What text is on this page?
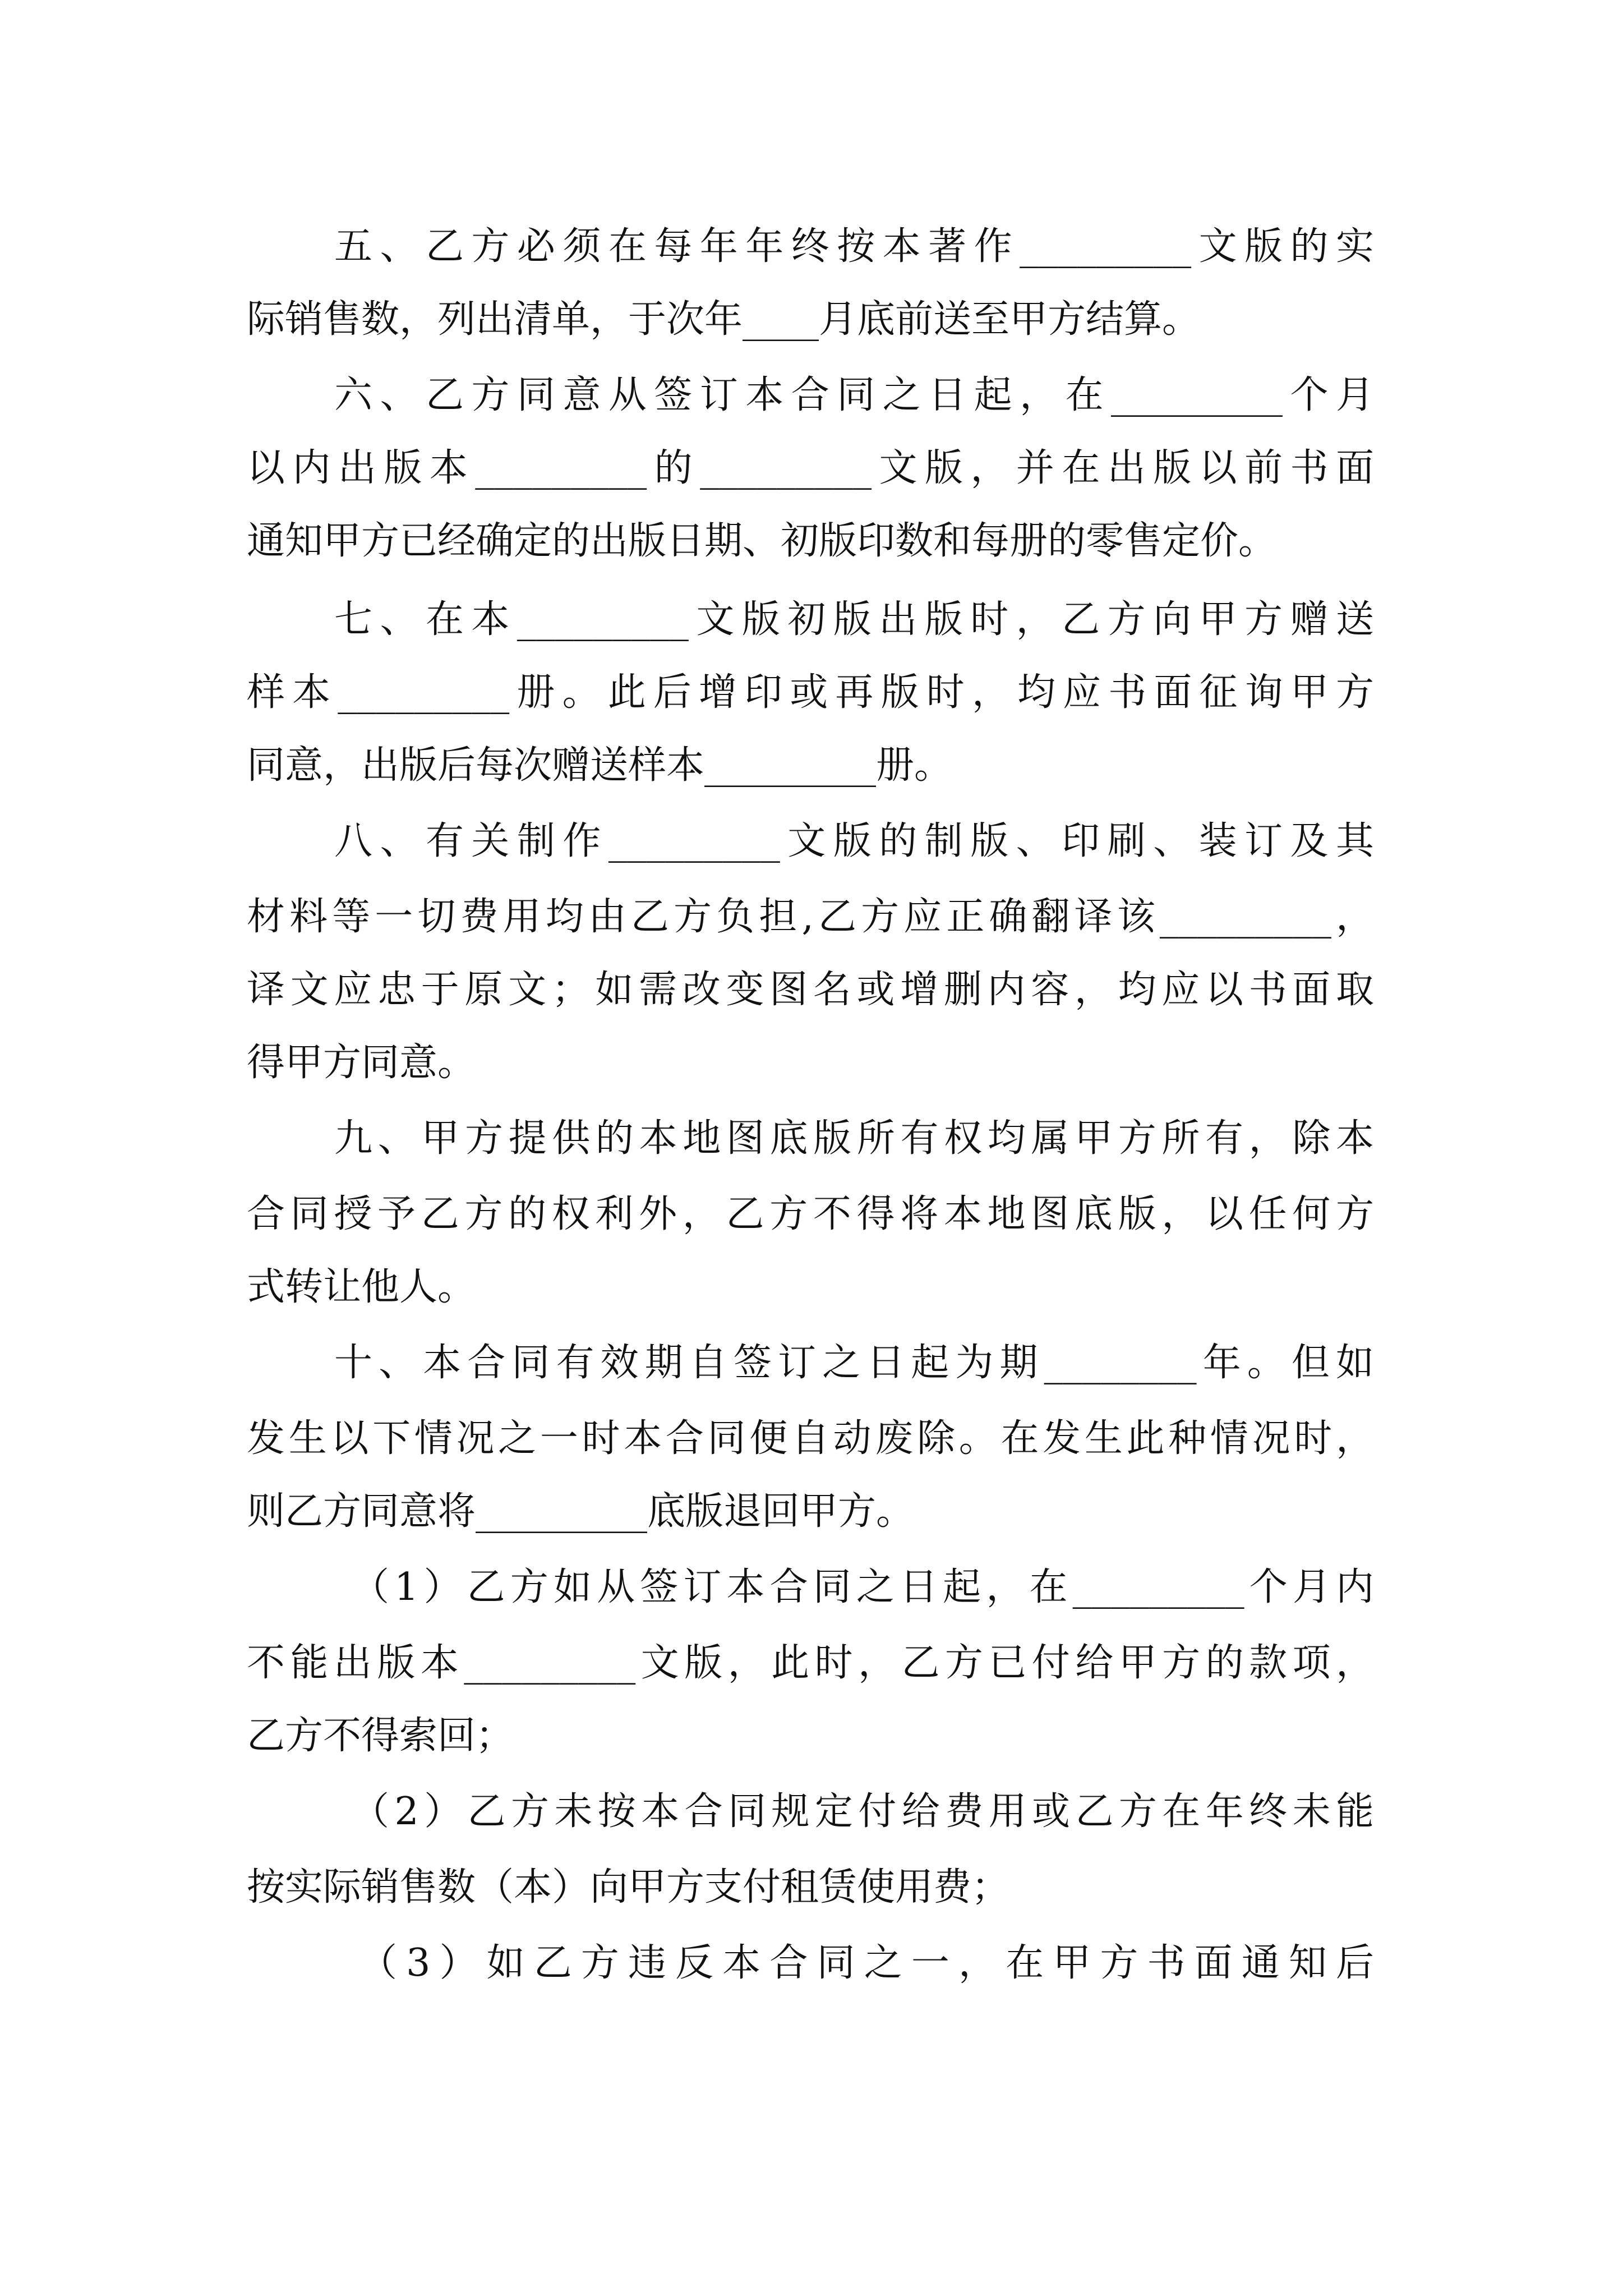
五、乙方必须在每年年终按本著作_________文版的实

际销售数，列出清单，于次年____月底前送至甲方结算。

六、乙方同意从签订本合同之日起，在_________个月

以内出版本_________的_________文版，并在出版以前书面

通知甲方已经确定的出版日期、初版印数和每册的零售定价。

七、在本_________文版初版出版时，乙方向甲方赠送

样本_________册。此后增印或再版时，均应书面征询甲方

同意，出版后每次赠送样本_________册。

八、有关制作_________文版的制版、印刷、装订及其

材料等一切费用均由乙方负担,乙方应正确翻译该_________，

译文应忠于原文；如需改变图名或增删内容，均应以书面取

得甲方同意。

九、甲方提供的本地图底版所有权均属甲方所有，除本

合同授予乙方的权利外，乙方不得将本地图底版，以任何方

式转让他人。

十、本合同有效期自签订之日起为期________年。但如

发生以下情况之一时本合同便自动废除。在发生此种情况时，

则乙方同意将_________底版退回甲方。

（1）乙方如从签订本合同之日起，在_________个月内

不能出版本_________文版，此时，乙方已付给甲方的款项，

乙方不得索回；

（2）乙方未按本合同规定付给费用或乙方在年终未能

按实际销售数（本）向甲方支付租赁使用费；

（3）如乙方违反本合同之一，在甲方书面通知后
